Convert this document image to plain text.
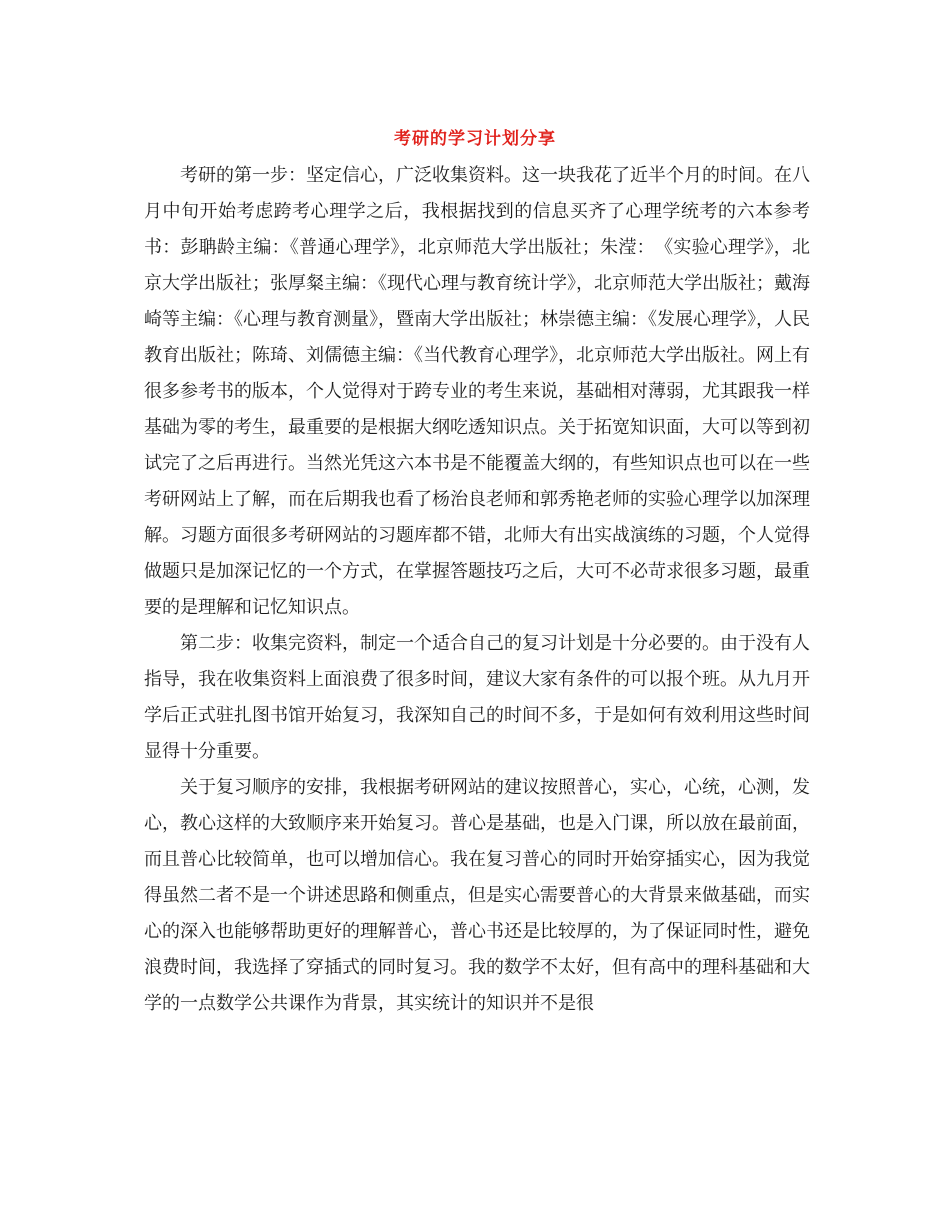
考研的学习计划分享

考研的第一步：坚定信心，广泛收集资料。这一块我花了近半个月的时间。在八月中旬开始考虑跨考心理学之后，我根据找到的信息买齐了心理学统考的六本参考书：彭聃龄主编：《普通心理学》，北京师范大学出版社；朱滢：　《实验心理学》，北京大学出版社；张厚粲主编：《现代心理与教育统计学》，北京师范大学出版社；戴海崎等主编：《心理与教育测量》，暨南大学出版社；林崇德主编：《发展心理学》，人民教育出版社；陈琦、刘儒德主编：《当代教育心理学》，北京师范大学出版社。网上有很多参考书的版本，个人觉得对于跨专业的考生来说，基础相对薄弱，尤其跟我一样基础为零的考生，最重要的是根据大纲吃透知识点。关于拓宽知识面，大可以等到初试完了之后再进行。当然光凭这六本书是不能覆盖大纲的，有些知识点也可以在一些考研网站上了解，而在后期我也看了杨治良老师和郭秀艳老师的实验心理学以加深理解。习题方面很多考研网站的习题库都不错，北师大有出实战演练的习题，个人觉得做题只是加深记忆的一个方式，在掌握答题技巧之后，大可不必苛求很多习题，最重要的是理解和记忆知识点。

第二步：收集完资料，制定一个适合自己的复习计划是十分必要的。由于没有人指导，我在收集资料上面浪费了很多时间，建议大家有条件的可以报个班。从九月开学后正式驻扎图书馆开始复习，我深知自己的时间不多，于是如何有效利用这些时间显得十分重要。

关于复习顺序的安排，我根据考研网站的建议按照普心，实心，心统，心测，发心，教心这样的大致顺序来开始复习。普心是基础，也是入门课，所以放在最前面，而且普心比较简单，也可以增加信心。我在复习普心的同时开始穿插实心，因为我觉得虽然二者不是一个讲述思路和侧重点，但是实心需要普心的大背景来做基础，而实心的深入也能够帮助更好的理解普心，普心书还是比较厚的，为了保证同时性，避免浪费时间，我选择了穿插式的同时复习。我的数学不太好，但有高中的理科基础和大学的一点数学公共课作为背景，其实统计的知识并不是很
